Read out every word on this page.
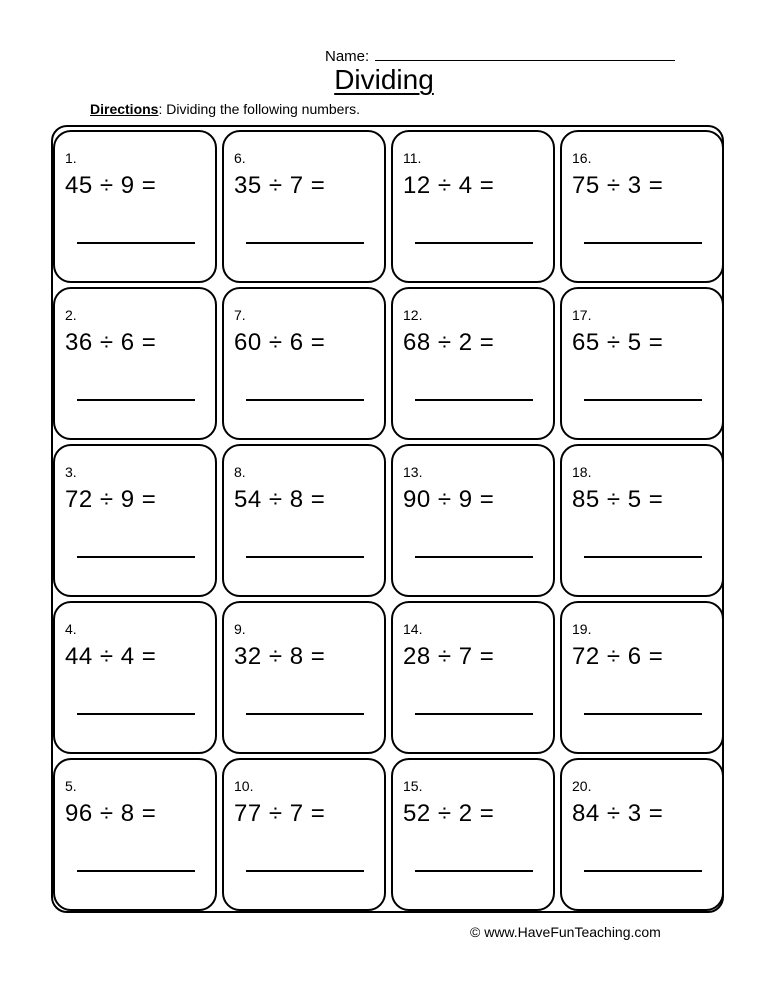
Name:
Dividing
Directions: Dividing the following numbers.
1.
45 ÷ 9 =
6.
35 ÷ 7 =
11.
12 ÷ 4 =
16.
75 ÷ 3 =
2.
36 ÷ 6 =
7.
60 ÷ 6 =
12.
68 ÷ 2 =
17.
65 ÷ 5 =
3.
72 ÷ 9 =
8.
54 ÷ 8 =
13.
90 ÷ 9 =
18.
85 ÷ 5 =
4.
44 ÷ 4 =
9.
32 ÷ 8 =
14.
28 ÷ 7 =
19.
72 ÷ 6 =
5.
96 ÷ 8 =
10.
77 ÷ 7 =
15.
52 ÷ 2 =
20.
84 ÷ 3 =
© www.HaveFunTeaching.com
